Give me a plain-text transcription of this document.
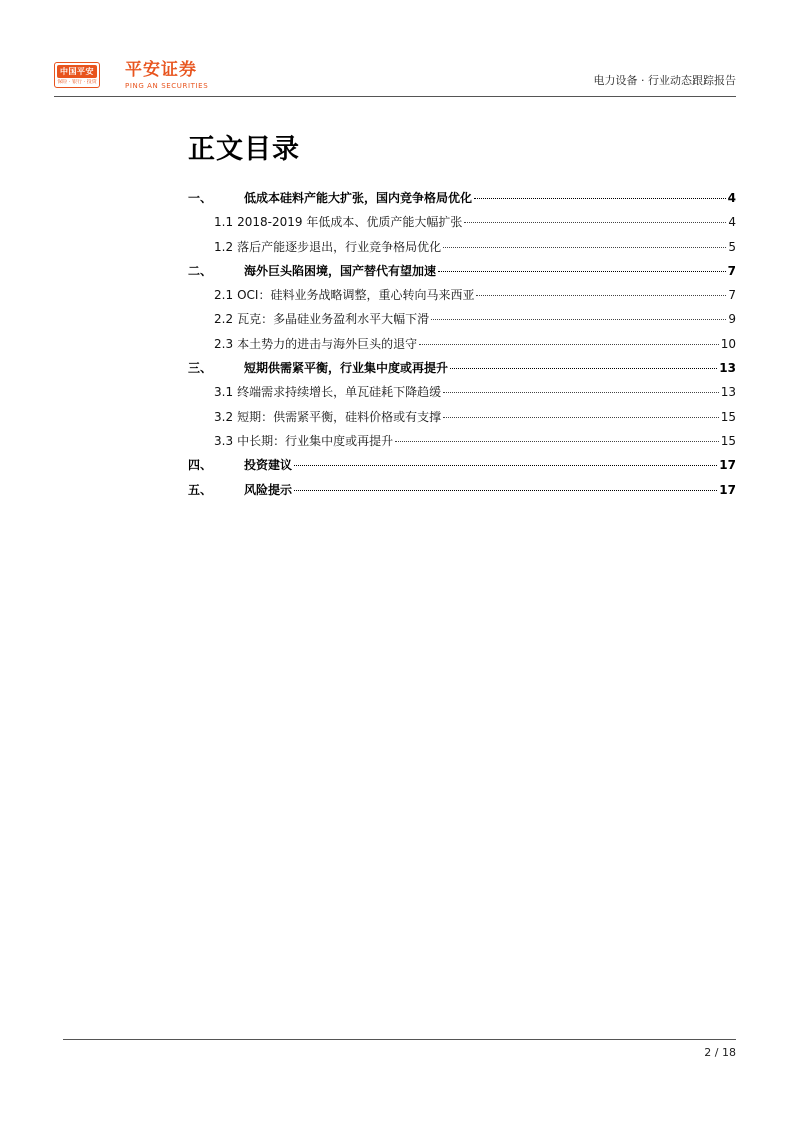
中国平安
保险 · 银行 · 投资
平安证券
PING AN SECURITIES	电力设备 · 行业动态跟踪报告
正文目录
一、	低成本硅料产能大扩张，国内竞争格局优化	4
1.1 2018-2019 年低成本、优质产能大幅扩张	4
1.2 落后产能逐步退出，行业竞争格局优化	5
二、	海外巨头陷困境，国产替代有望加速	7
2.1 OCI：硅料业务战略调整，重心转向马来西亚	7
2.2 瓦克：多晶硅业务盈利水平大幅下滑	9
2.3 本土势力的进击与海外巨头的退守	10
三、	短期供需紧平衡，行业集中度或再提升	13
3.1 终端需求持续增长，单瓦硅耗下降趋缓	13
3.2 短期：供需紧平衡，硅料价格或有支撑	15
3.3 中长期：行业集中度或再提升	15
四、	投资建议	17
五、	风险提示	17
2 / 18
